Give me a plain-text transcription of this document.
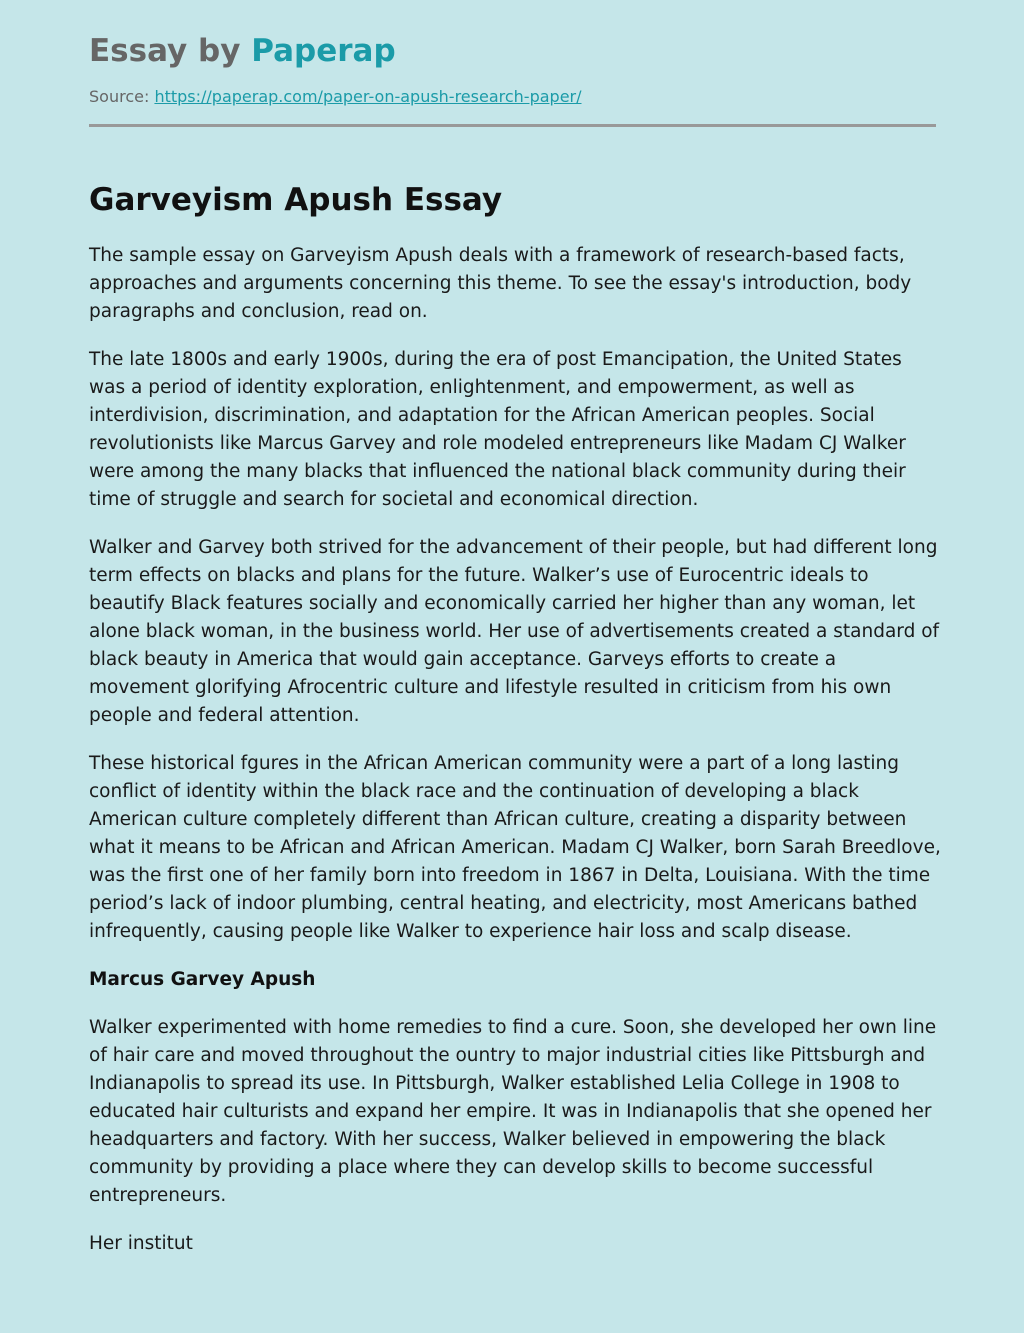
Essay by Paperap
Source: https://paperap.com/paper-on-apush-research-paper/
Garveyism Apush Essay

The sample essay on Garveyism Apush deals with a framework of research-based facts, approaches and arguments concerning this theme. To see the essay's introduction, body paragraphs and conclusion, read on.

The late 1800s and early 1900s, during the era of post Emancipation, the United States was a period of identity exploration, enlightenment, and empowerment, as well as interdivision, discrimination, and adaptation for the African American peoples. Social revolutionists like Marcus Garvey and role modeled entrepreneurs like Madam CJ Walker were among the many blacks that influenced the national black community during their time of struggle and search for societal and economical direction.

Walker and Garvey both strived for the advancement of their people, but had different long term effects on blacks and plans for the future. Walker’s use of Eurocentric ideals to beautify Black features socially and economically carried her higher than any woman, let alone black woman, in the business world. Her use of advertisements created a standard of black beauty in America that would gain acceptance. Garveys efforts to create a movement glorifying Afrocentric culture and lifestyle resulted in criticism from his own people and federal attention.

These historical fgures in the African American community were a part of a long lasting conflict of identity within the black race and the continuation of developing a black American culture completely different than African culture, creating a disparity between what it means to be African and African American. Madam CJ Walker, born Sarah Breedlove, was the first one of her family born into freedom in 1867 in Delta, Louisiana. With the time period’s lack of indoor plumbing, central heating, and electricity, most Americans bathed infrequently, causing people like Walker to experience hair loss and scalp disease.

Marcus Garvey Apush

Walker experimented with home remedies to find a cure. Soon, she developed her own line of hair care and moved throughout the ountry to major industrial cities like Pittsburgh and Indianapolis to spread its use. In Pittsburgh, Walker established Lelia College in 1908 to educated hair culturists and expand her empire. It was in Indianapolis that she opened her headquarters and factory. With her success, Walker believed in empowering the black community by providing a place where they can develop skills to become successful entrepreneurs.

Her institut
